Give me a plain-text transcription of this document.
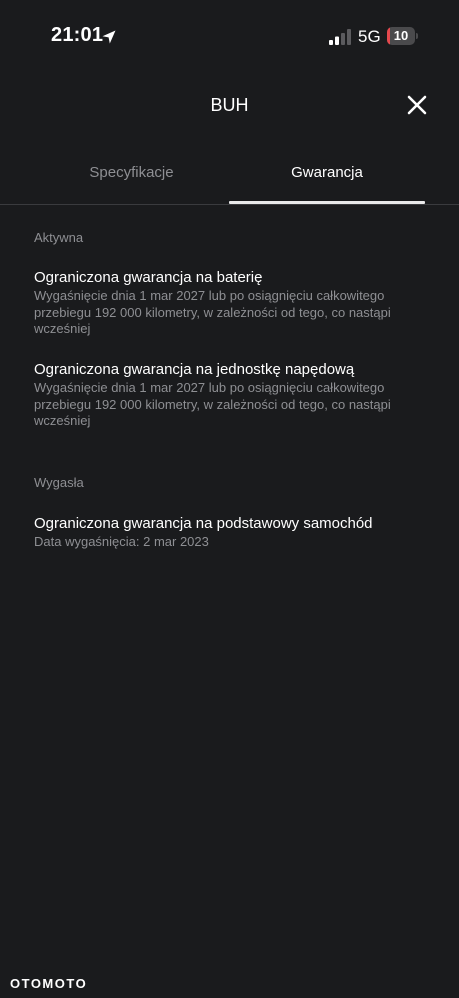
21:01	5G	10
BUH
Specyfikacje	Gwarancja
Aktywna
Ograniczona gwarancja na baterię
Wygaśnięcie dnia 1 mar 2027 lub po osiągnięciu całkowitego przebiegu 192 000 kilometry, w zależności od tego, co nastąpi wcześniej
Ograniczona gwarancja na jednostkę napędową
Wygaśnięcie dnia 1 mar 2027 lub po osiągnięciu całkowitego przebiegu 192 000 kilometry, w zależności od tego, co nastąpi wcześniej
Wygasła
Ograniczona gwarancja na podstawowy samochód
Data wygaśnięcia: 2 mar 2023
OTOMOTO
